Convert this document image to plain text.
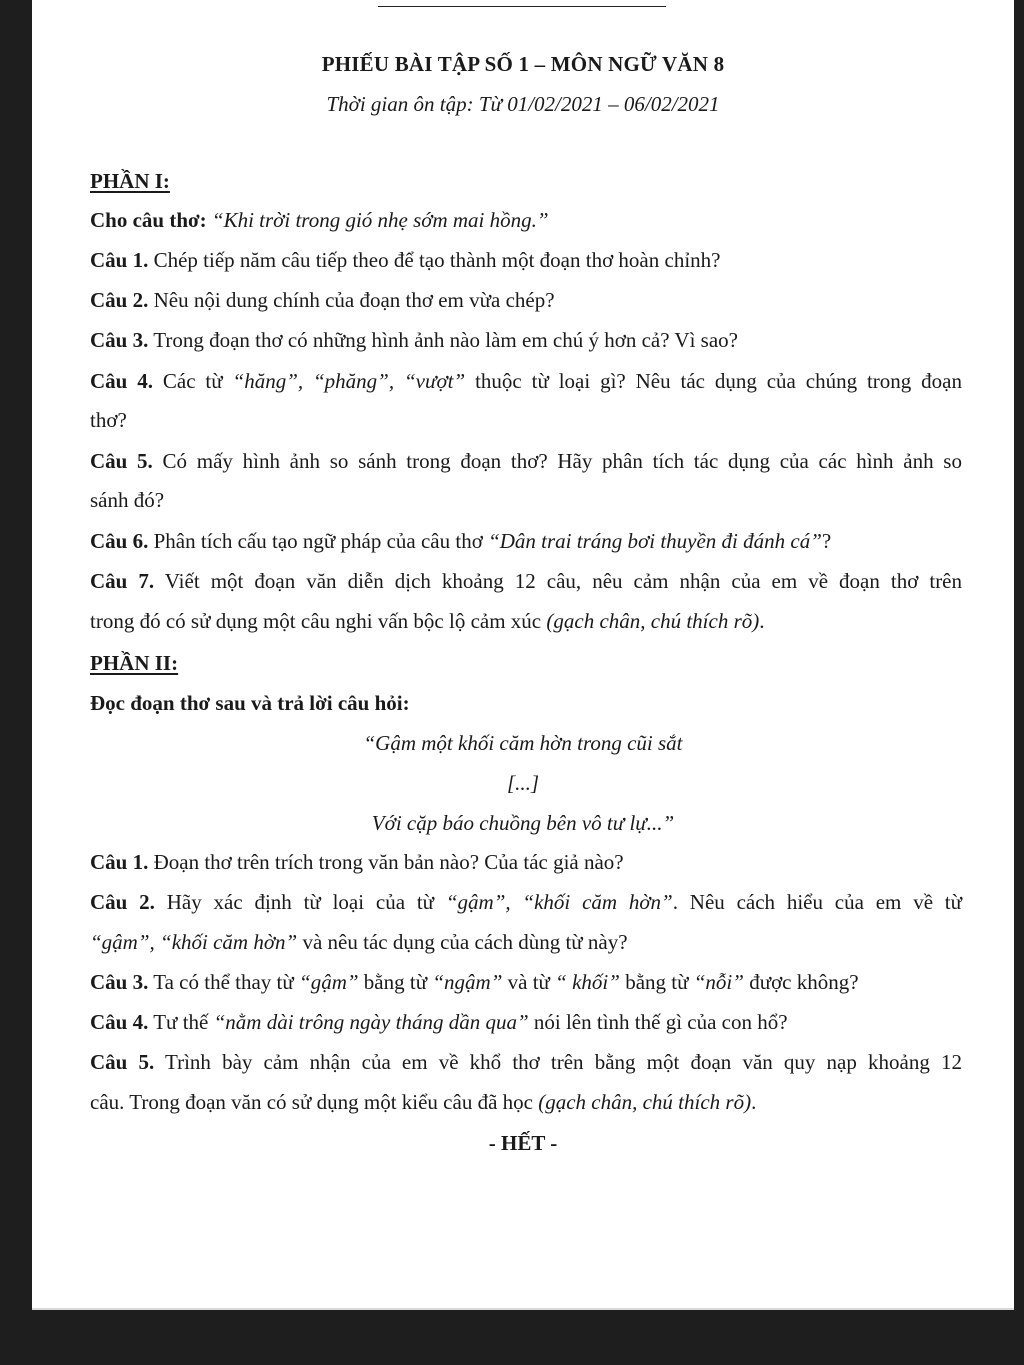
PHIẾU BÀI TẬP SỐ 1 – MÔN NGỮ VĂN 8
Thời gian ôn tập: Từ 01/02/2021 – 06/02/2021
PHẦN I:
Cho câu thơ: “Khi trời trong gió nhẹ sớm mai hồng.”
Câu 1. Chép tiếp năm câu tiếp theo để tạo thành một đoạn thơ hoàn chỉnh?
Câu 2. Nêu nội dung chính của đoạn thơ em vừa chép?
Câu 3. Trong đoạn thơ có những hình ảnh nào làm em chú ý hơn cả? Vì sao?
Câu 4. Các từ “hăng”, “phăng”, “vượt” thuộc từ loại gì? Nêu tác dụng của chúng trong đoạn
thơ?
Câu 5. Có mấy hình ảnh so sánh trong đoạn thơ? Hãy phân tích tác dụng của các hình ảnh so
sánh đó?
Câu 6. Phân tích cấu tạo ngữ pháp của câu thơ “Dân trai tráng bơi thuyền đi đánh cá”?
Câu 7. Viết một đoạn văn diễn dịch khoảng 12 câu, nêu cảm nhận của em về đoạn thơ trên
trong đó có sử dụng một câu nghi vấn bộc lộ cảm xúc (gạch chân, chú thích rõ).
PHẦN II:
Đọc đoạn thơ sau và trả lời câu hỏi:
“Gậm một khối căm hờn trong cũi sắt
[...]
Với cặp báo chuồng bên vô tư lự...”
Câu 1. Đoạn thơ trên trích trong văn bản nào? Của tác giả nào?
Câu 2. Hãy xác định từ loại của từ “gậm”, “khối căm hờn”. Nêu cách hiểu của em về từ
“gậm”, “khối căm hờn” và nêu tác dụng của cách dùng từ này?
Câu 3. Ta có thể thay từ “gậm” bằng từ “ngậm” và từ “ khối” bằng từ “nỗi” được không?
Câu 4. Tư thế “nằm dài trông ngày tháng dần qua” nói lên tình thế gì của con hổ?
Câu 5. Trình bày cảm nhận của em về khổ thơ trên bằng một đoạn văn quy nạp khoảng 12
câu. Trong đoạn văn có sử dụng một kiểu câu đã học (gạch chân, chú thích rõ).
- HẾT -
